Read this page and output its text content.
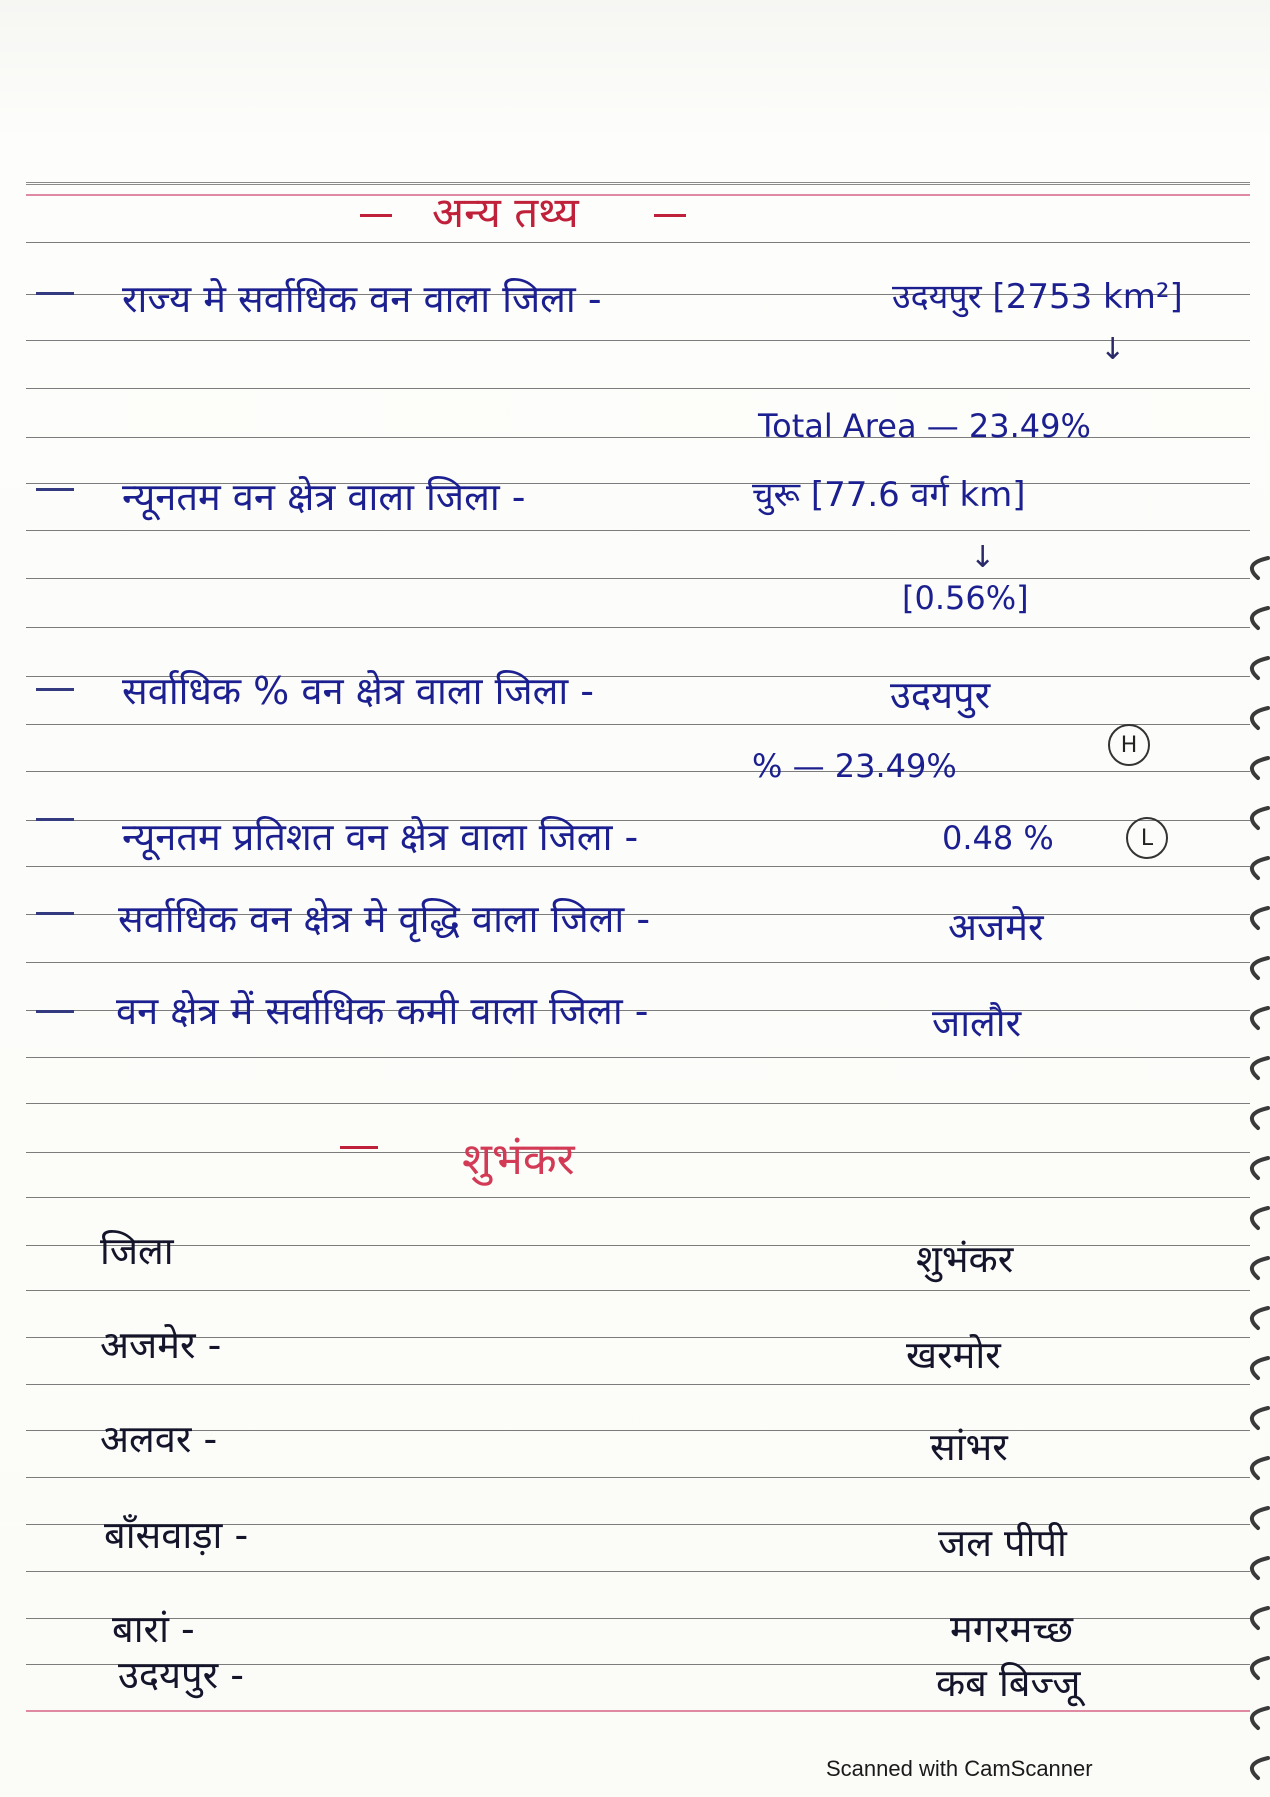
अन्य तथ्य
राज्य मे सर्वाधिक वन वाला जिला -	उदयपुर [2753 km²]
↓
Total Area — 23.49%
न्यूनतम वन क्षेत्र वाला जिला -	चुरू [77.6 वर्ग km]
↓
[0.56%]
सर्वाधिक % वन क्षेत्र वाला जिला -	उदयपुर
H
% — 23.49%
न्यूनतम प्रतिशत वन क्षेत्र वाला जिला -	0.48 %	L
सर्वाधिक वन क्षेत्र मे वृद्धि वाला जिला -	अजमेर
वन क्षेत्र में सर्वाधिक कमी वाला जिला -	जालौर
शुभंकर
जिला	शुभंकर
अजमेर -	खरमोर
अलवर -	सांभर
बाँसवाड़ा -	जल पीपी
बारां -	मगरमच्छ
उदयपुर -	कब बिज्जू
Scanned with CamScanner
